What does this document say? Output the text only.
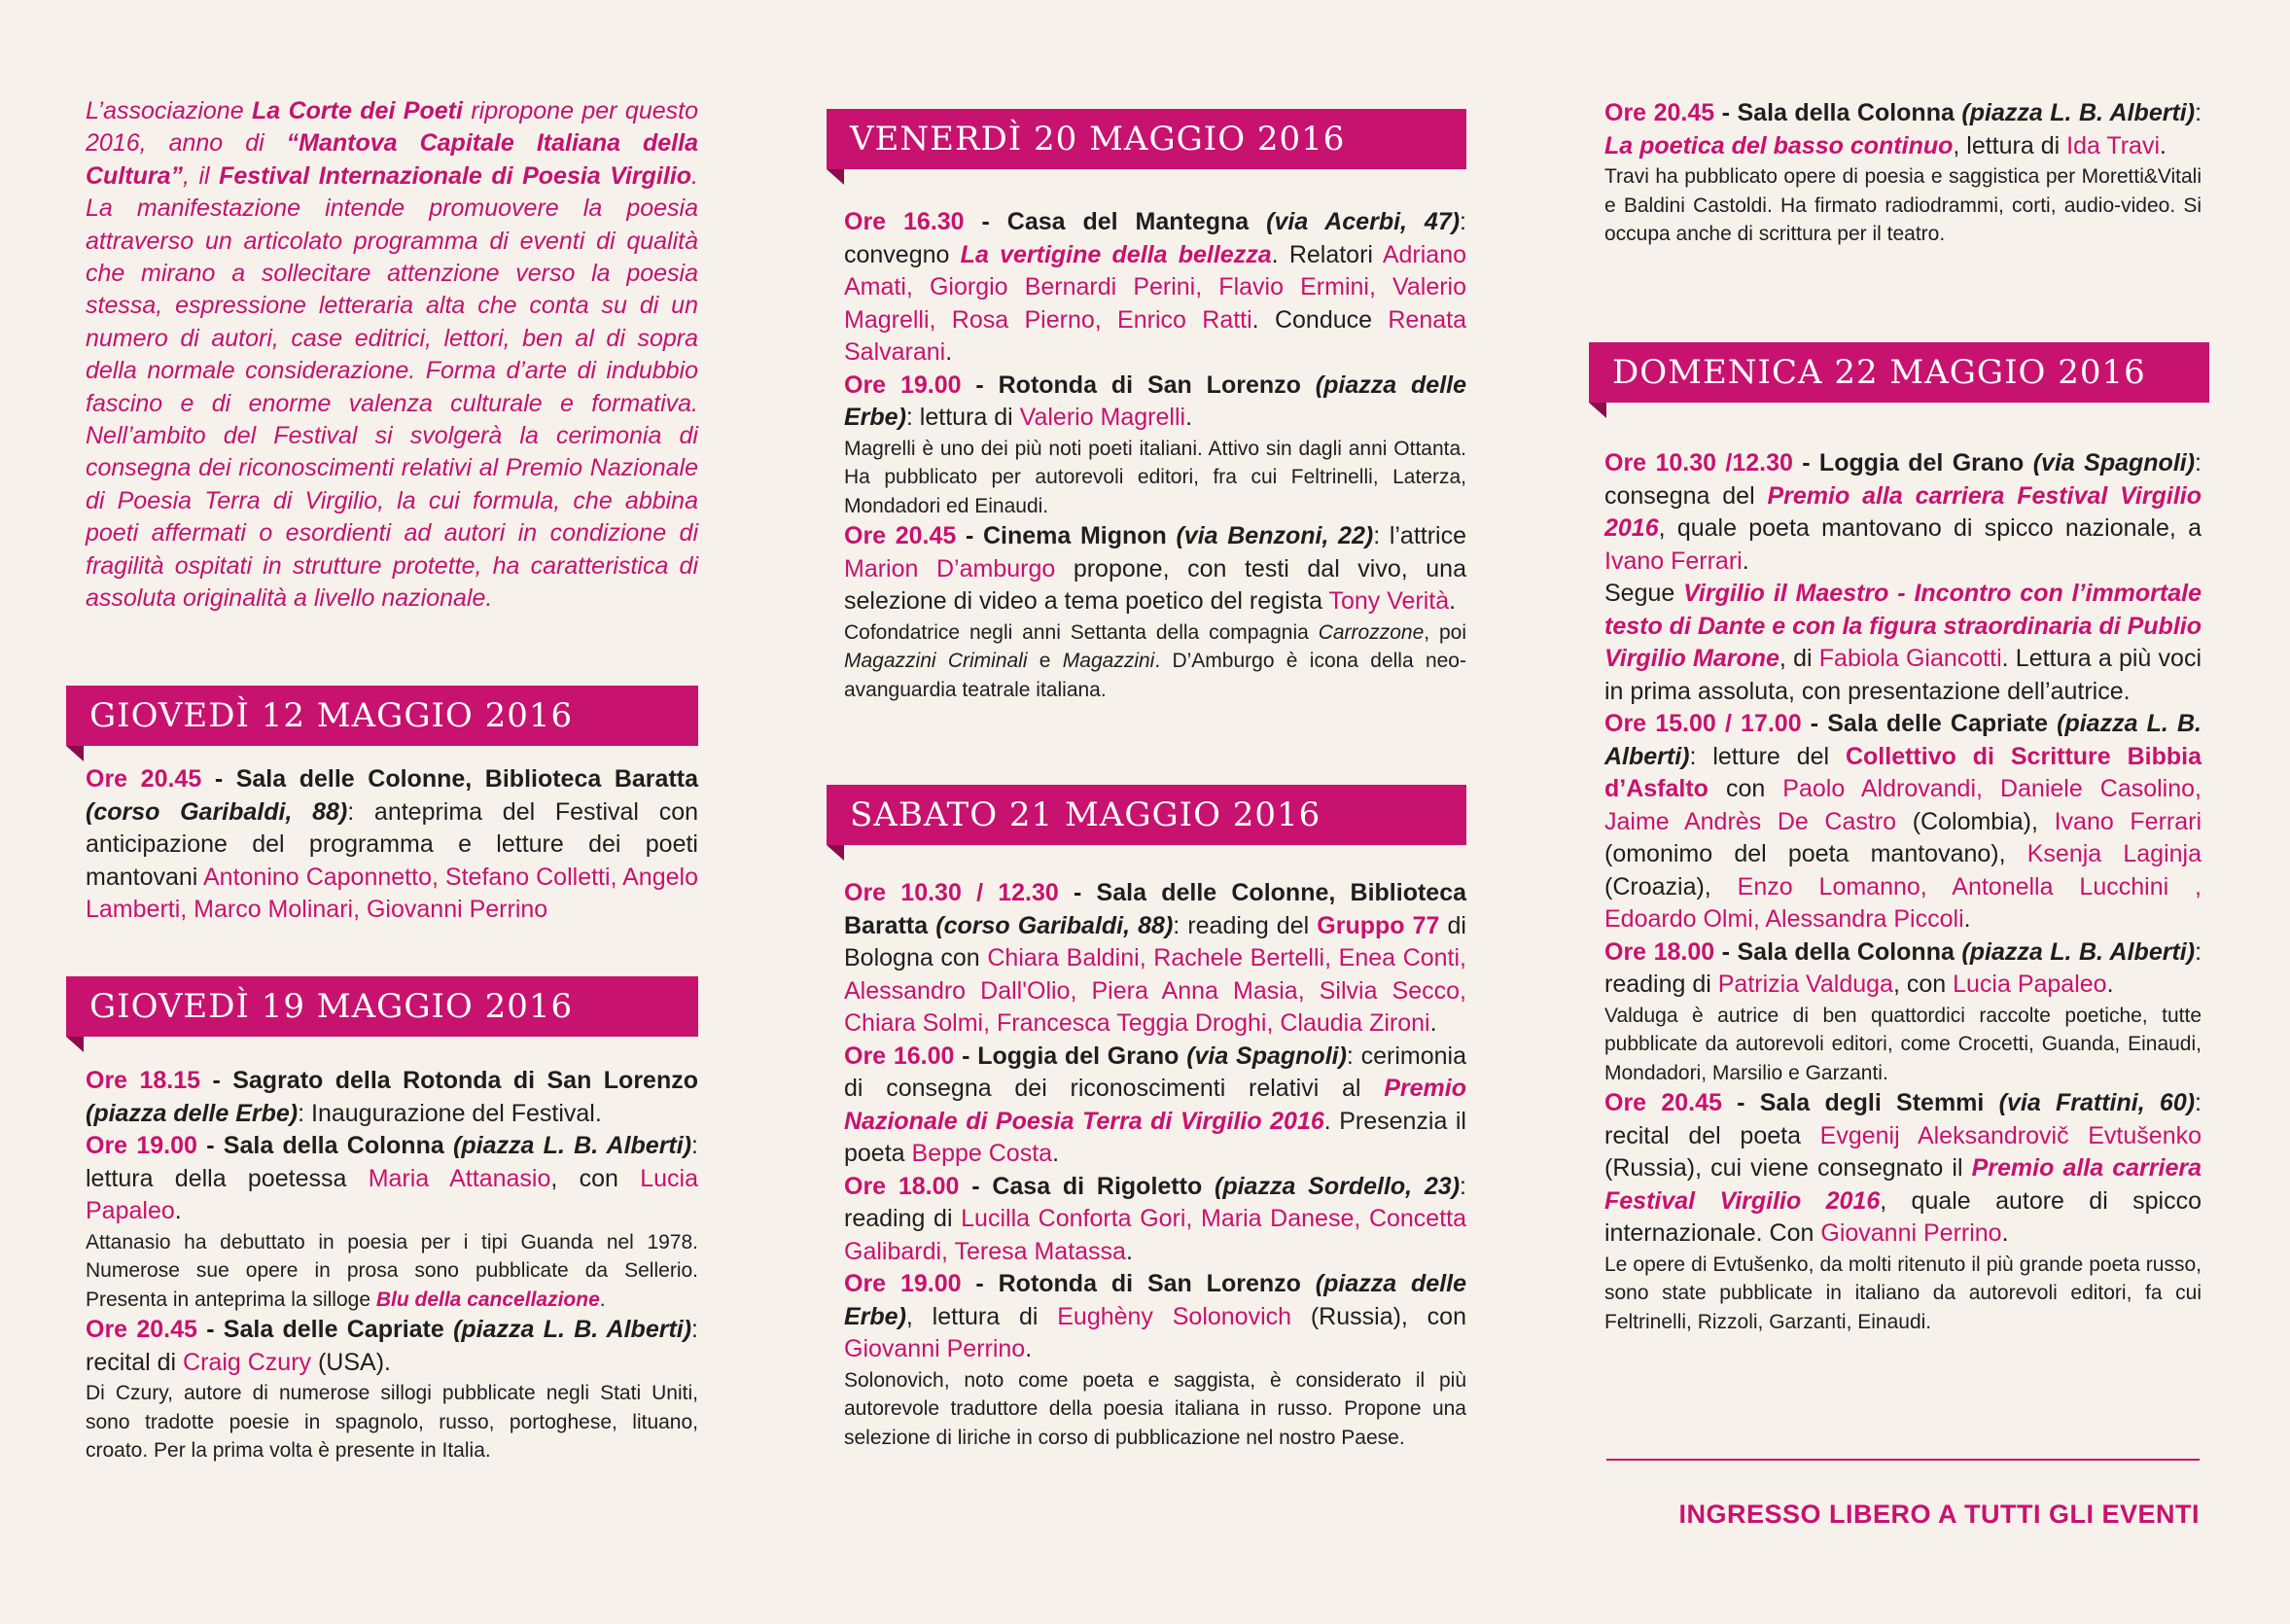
L’associazione La Corte dei Poeti ripropone per questo 2016, anno di “Mantova Capitale Italiana della Cultura”, il Festival Internazionale di Poesia Virgilio. La manifestazione intende promuovere la poesia attraverso un articolato programma di eventi di qualità che mirano a sollecitare attenzione verso la poesia stessa, espressione letteraria alta che conta su di un numero di autori, case editrici, lettori, ben al di sopra della normale considerazione. Forma d’arte di indubbio fascino e di enorme valenza culturale e formativa. Nell’ambito del Festival si svolgerà la cerimonia di consegna dei riconoscimenti relativi al Premio Nazionale di Poesia Terra di Virgilio, la cui formula, che abbina poeti affermati o esordienti ad autori in condizione di fragilità ospitati in strutture protette, ha caratteristica di assoluta originalità a livello nazionale.

GIOVEDÌ 12 MAGGIO 2016

Ore 20.45 - Sala delle Colonne, Biblioteca Baratta (corso Garibaldi, 88): anteprima del Festival con anticipazione del programma e letture dei poeti mantovani Antonino Caponnetto, Stefano Colletti, Angelo Lamberti, Marco Molinari, Giovanni Perrino

GIOVEDÌ 19 MAGGIO 2016

Ore 18.15 - Sagrato della Rotonda di San Lorenzo (piazza delle Erbe): Inaugurazione del Festival.

Ore 19.00 - Sala della Colonna (piazza L. B. Alberti): lettura della poetessa Maria Attanasio, con Lucia Papaleo.

Attanasio ha debuttato in poesia per i tipi Guanda nel 1978. Numerose sue opere in prosa sono pubblicate da Sellerio. Presenta in anteprima la silloge Blu della cancellazione.

Ore 20.45 - Sala delle Capriate (piazza L. B. Alberti): recital di Craig Czury (USA).

Di Czury, autore di numerose sillogi pubblicate negli Stati Uniti, sono tradotte poesie in spagnolo, russo, portoghese, lituano, croato. Per la prima volta è presente in Italia.

VENERDÌ 20 MAGGIO 2016

Ore 16.30 - Casa del Mantegna (via Acerbi, 47): convegno La vertigine della bellezza. Relatori Adriano Amati, Giorgio Bernardi Perini, Flavio Ermini, Valerio Magrelli, Rosa Pierno, Enrico Ratti. Conduce Renata Salvarani.

Ore 19.00 - Rotonda di San Lorenzo (piazza delle Erbe): lettura di Valerio Magrelli.

Magrelli è uno dei più noti poeti italiani. Attivo sin dagli anni Ottanta. Ha pubblicato per autorevoli editori, fra cui Feltrinelli, Laterza, Mondadori ed Einaudi.

Ore 20.45 - Cinema Mignon (via Benzoni, 22): l’attrice Marion D’amburgo propone, con testi dal vivo, una selezione di video a tema poetico del regista Tony Verità.

Cofondatrice negli anni Settanta della compagnia Carrozzone, poi Magazzini Criminali e Magazzini. D’Amburgo è icona della neo-avanguardia teatrale italiana.

SABATO 21 MAGGIO 2016

Ore 10.30 / 12.30 - Sala delle Colonne, Biblioteca Baratta (corso Garibaldi, 88): reading del Gruppo 77 di Bologna con Chiara Baldini, Rachele Bertelli, Enea Conti, Alessandro Dall'Olio, Piera Anna Masia, Silvia Secco, Chiara Solmi, Francesca Teggia Droghi, Claudia Zironi.

Ore 16.00 - Loggia del Grano (via Spagnoli): cerimonia di consegna dei riconoscimenti relativi al Premio Nazionale di Poesia Terra di Virgilio 2016. Presenzia il poeta Beppe Costa.

Ore 18.00 - Casa di Rigoletto (piazza Sordello, 23): reading di Lucilla Conforta Gori, Maria Danese, Concetta Galibardi, Teresa Matassa.

Ore 19.00 - Rotonda di San Lorenzo (piazza delle Erbe), lettura di Eughèny Solonovich (Russia), con Giovanni Perrino.

Solonovich, noto come poeta e saggista, è considerato il più autorevole traduttore della poesia italiana in russo. Propone una selezione di liriche in corso di pubblicazione nel nostro Paese.

Ore 20.45 - Sala della Colonna (piazza L. B. Alberti): La poetica del basso continuo, lettura di Ida Travi.

Travi ha pubblicato opere di poesia e saggistica per Moretti&Vitali e Baldini Castoldi. Ha firmato radiodrammi, corti, audio-video. Si occupa anche di scrittura per il teatro.

DOMENICA 22 MAGGIO 2016

Ore 10.30 /12.30 - Loggia del Grano (via Spagnoli): consegna del Premio alla carriera Festival Virgilio 2016, quale poeta mantovano di spicco nazionale, a Ivano Ferrari.

Segue Virgilio il Maestro - Incontro con l’immortale testo di Dante e con la figura straordinaria di Publio Virgilio Marone, di Fabiola Giancotti. Lettura a più voci in prima assoluta, con presentazione dell’autrice.

Ore 15.00 / 17.00 - Sala delle Capriate (piazza L. B. Alberti): letture del Collettivo di Scritture Bibbia d’Asfalto con Paolo Aldrovandi, Daniele Casolino, Jaime Andrès De Castro (Colombia), Ivano Ferrari (omonimo del poeta mantovano), Ksenja Laginja (Croazia), Enzo Lomanno, Antonella Lucchini , Edoardo Olmi, Alessandra Piccoli.

Ore 18.00 - Sala della Colonna (piazza L. B. Alberti): reading di Patrizia Valduga, con Lucia Papaleo.

Valduga è autrice di ben quattordici raccolte poetiche, tutte pubblicate da autorevoli editori, come Crocetti, Guanda, Einaudi, Mondadori, Marsilio e Garzanti.

Ore 20.45 - Sala degli Stemmi (via Frattini, 60): recital del poeta Evgenij Aleksandrovič Evtušenko (Russia), cui viene consegnato il Premio alla carriera Festival Virgilio 2016, quale autore di spicco internazionale. Con Giovanni Perrino.

Le opere di Evtušenko, da molti ritenuto il più grande poeta russo, sono state pubblicate in italiano da autorevoli editori, fa cui Feltrinelli, Rizzoli, Garzanti, Einaudi.

INGRESSO LIBERO A TUTTI GLI EVENTI
